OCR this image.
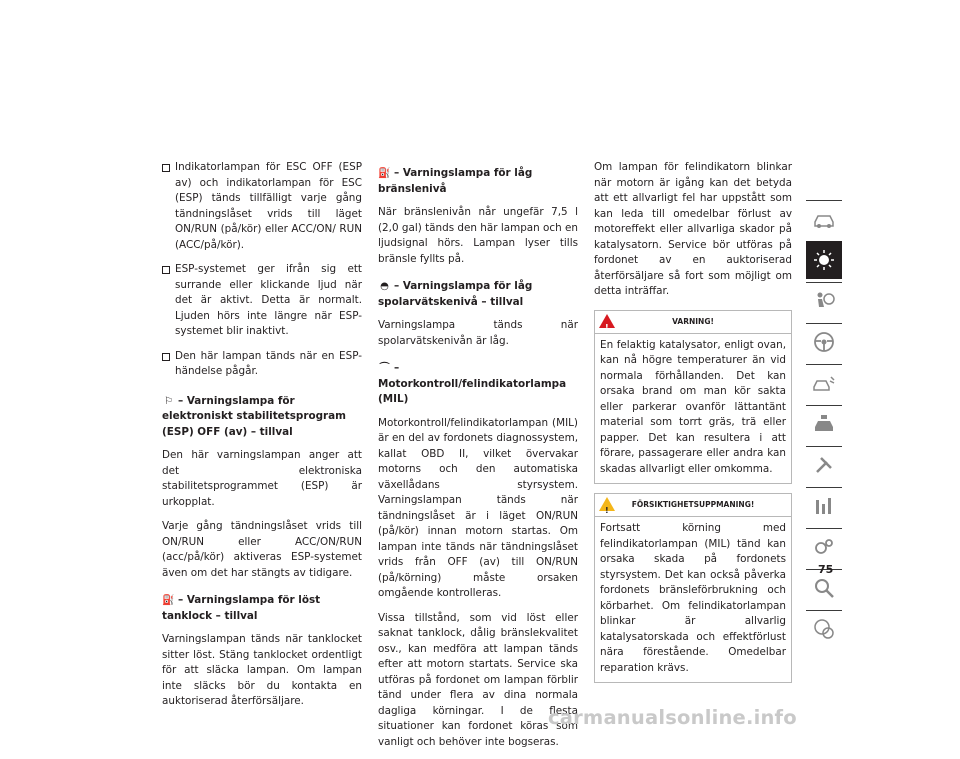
Indikatorlampan för ESC OFF (ESP av) och indikatorlampan för ESC (ESP) tänds tillfälligt varje gång tändningslåset vrids till läget ON/RUN (på/kör) eller ACC/ON/ RUN (ACC/på/kör).
ESP-systemet ger ifrån sig ett surrande eller klickande ljud när det är aktivt. Detta är normalt. Ljuden hörs inte längre när ESP-systemet blir inaktivt.
Den här lampan tänds när en ESP-händelse pågår.
⚐ – Varningslampa för elektroniskt stabilitetsprogram (ESP) OFF (av) – tillval

Den här varningslampan anger att det elektroniska stabilitetsprogrammet (ESP) är urkopplat.

Varje gång tändningslåset vrids till ON/RUN eller ACC/ON/RUN (acc/på/kör) aktiveras ESP-systemet även om det har stängts av tidigare.

⛽ – Varningslampa för löst tanklock – tillval

Varningslampan tänds när tanklocket sitter löst. Stäng tanklocket ordentligt för att släcka lampan. Om lampan inte släcks bör du kontakta en auktoriserad återförsäljare.

⛽ – Varningslampa för låg bränslenivå

När bränslenivån når ungefär 7,5 l (2,0 gal) tänds den här lampan och en ljudsignal hörs. Lampan lyser tills bränsle fyllts på.

◓ – Varningslampa för låg spolarvätskenivå – tillval

Varningslampa tänds när spolarvätskenivån är låg.

⌒ – Motorkontroll/felindikatorlampa (MIL)

Motorkontroll/felindikatorlampan (MIL) är en del av fordonets diagnossystem, kallat OBD II, vilket övervakar motorns och den automatiska växellådans styrsystem. Varningslampan tänds när tändningslåset är i läget ON/RUN (på/kör) innan motorn startas. Om lampan inte tänds när tändningslåset vrids från OFF (av) till ON/RUN (på/körning) måste orsaken omgående kontrolleras.

Vissa tillstånd, som vid löst eller saknat tanklock, dålig bränslekvalitet osv., kan medföra att lampan tänds efter att motorn startats. Service ska utföras på fordonet om lampan förblir tänd under flera av dina normala dagliga körningar. I de flesta situationer kan fordonet köras som vanligt och behöver inte bogseras.

Om lampan för felindikatorn blinkar när motorn är igång kan det betyda att ett allvarligt fel har uppstått som kan leda till omedelbar förlust av motoreffekt eller allvarliga skador på katalysatorn. Service bör utföras på fordonet av en auktoriserad återförsäljare så fort som möjligt om detta inträffar.

!
VARNING!
En felaktig katalysator, enligt ovan, kan nå högre temperaturer än vid normala förhållanden. Det kan orsaka brand om man kör sakta eller parkerar ovanför lättantänt material som torrt gräs, trä eller papper. Det kan resultera i att förare, passagerare eller andra kan skadas allvarligt eller omkomma.
!
FÖRSIKTIGHETSUPPMANING!
Fortsatt körning med felindikatorlampan (MIL) tänd kan orsaka skada på fordonets styrsystem. Det kan också påverka fordonets bränsleförbrukning och körbarhet. Om felindikatorlampan blinkar är allvarlig katalysatorskada och effektförlust nära förestående. Omedelbar reparation krävs.
75
carmanualsonline.info
